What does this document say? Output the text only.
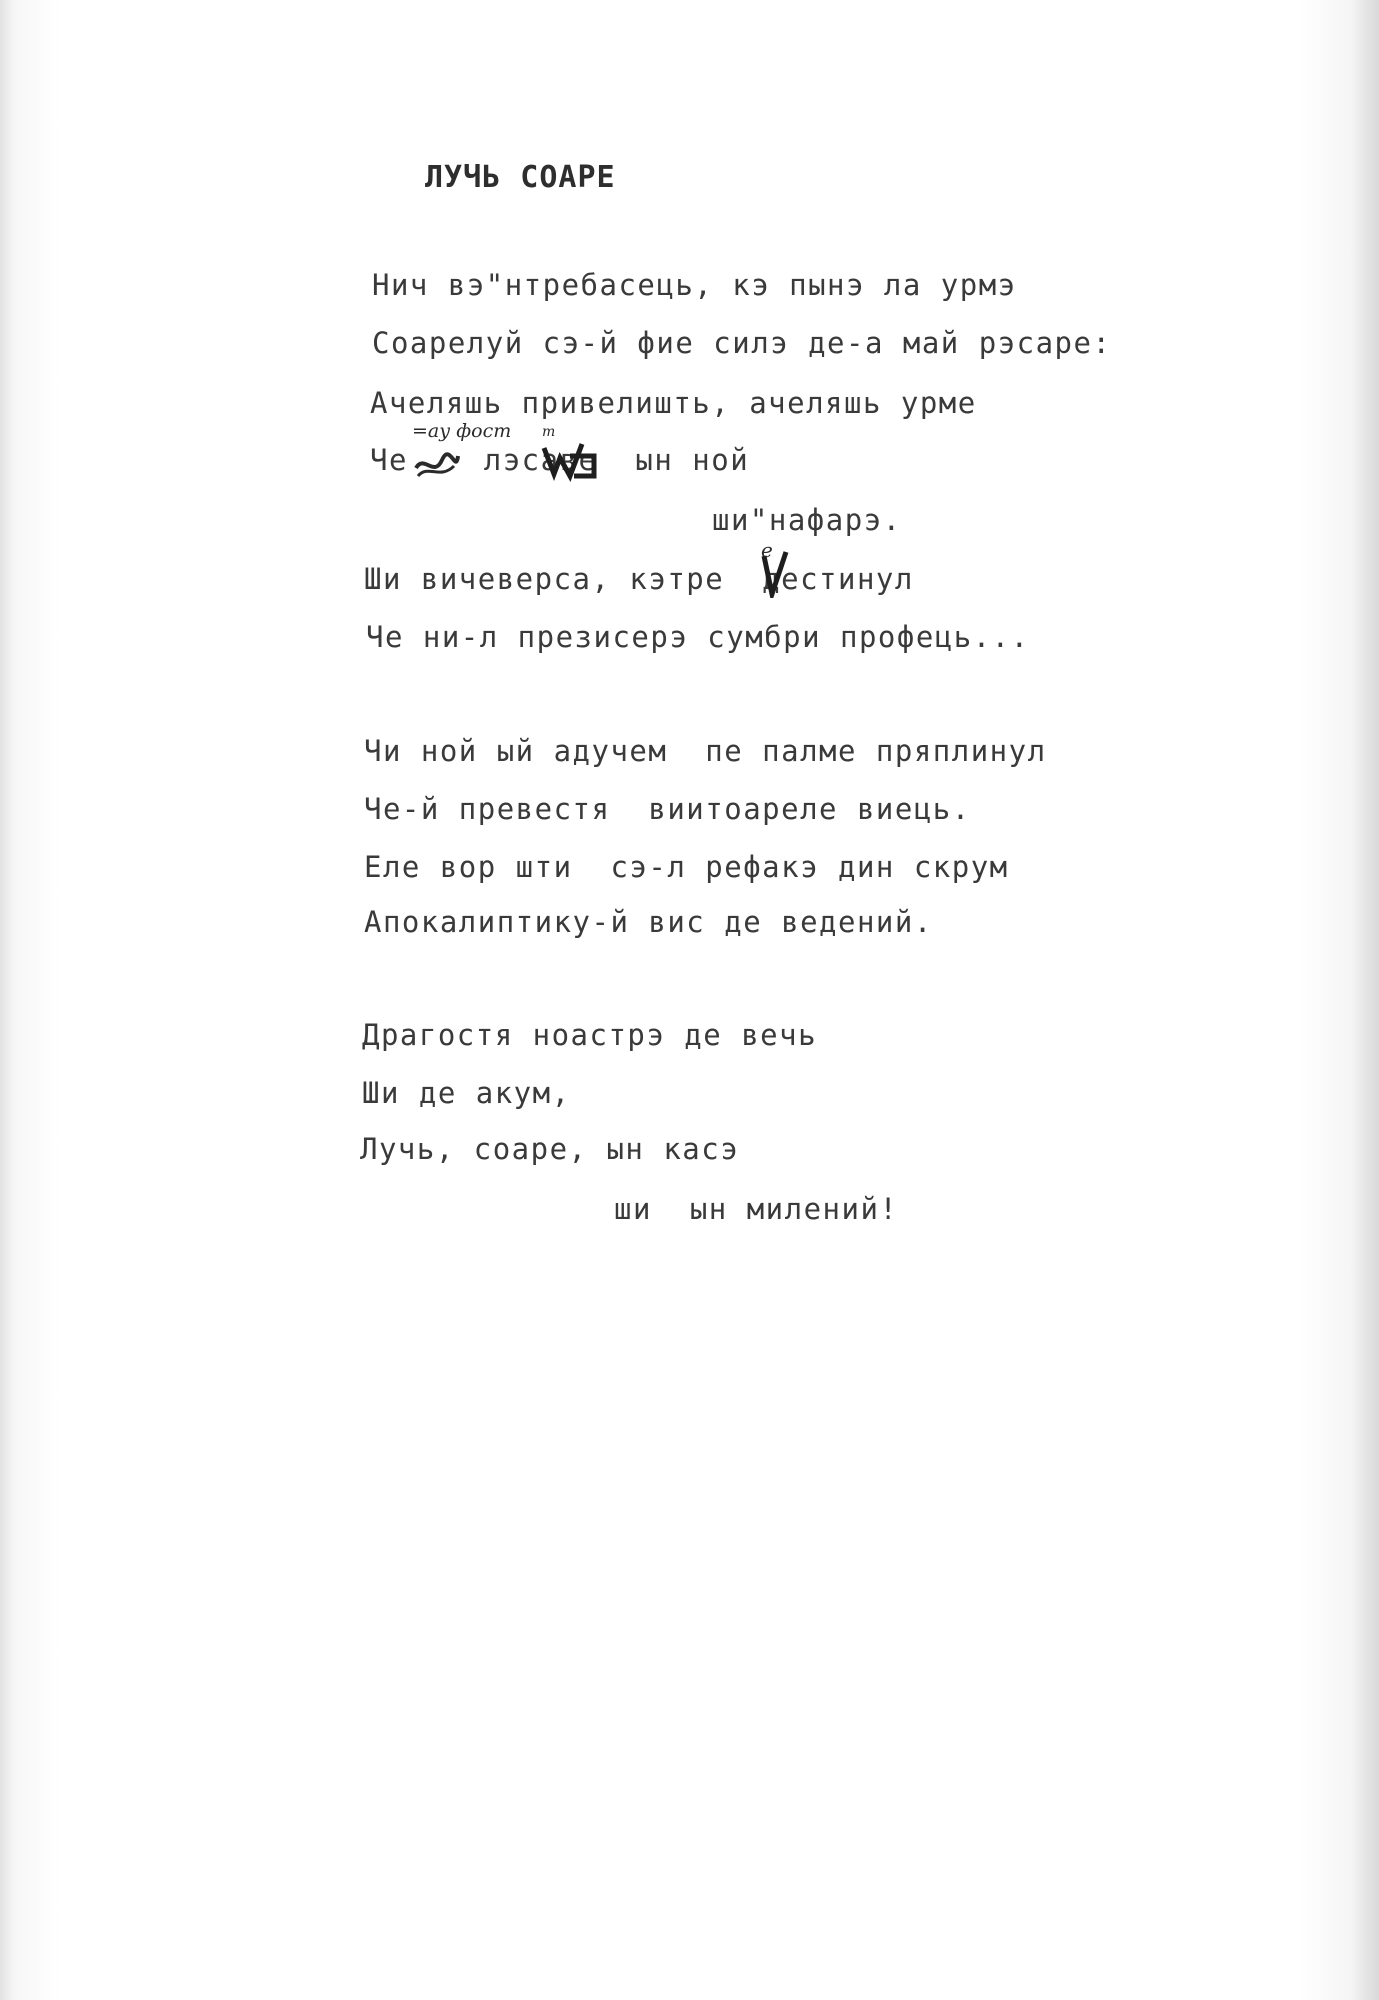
ЛУЧЬ СОАРЕ
Нич вэ"нтребасець, кэ пынэ ла урмэ
Соарелуй сэ-й фие силэ де-а май рэсаре:
Ачеляшь привелишть, ачеляшь урме
Че    лэсаве  ын ной
=ау фост т
ши"нафарэ.
Ши вичеверса, кэтре  дестинул
е
Че ни-л презисерэ сумбри профець...
Чи ной ый адучем  пе палме пряплинул
Че-й превестя  виитоареле виець.
Еле вор шти  сэ-л рефакэ дин скрум
Апокалиптику-й вис де ведений.
Драгостя ноастрэ де вечь
Ши де акум,
Лучь, соаре, ын касэ
ши  ын милений!
